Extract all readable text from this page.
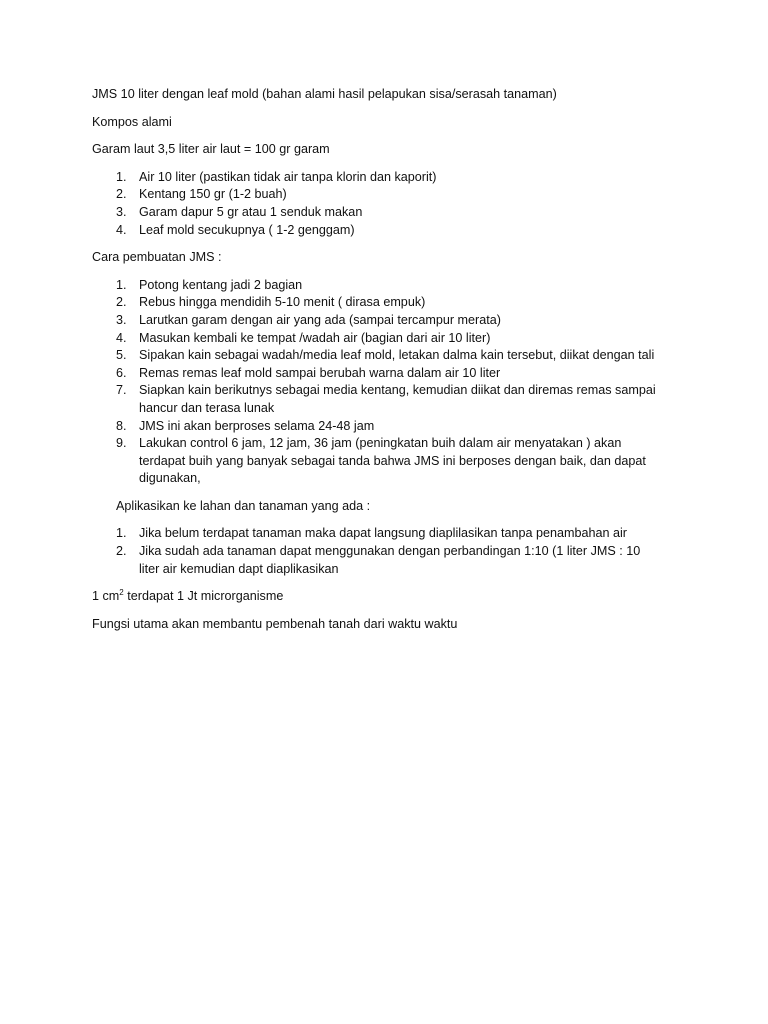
JMS 10 liter dengan leaf mold (bahan alami hasil pelapukan sisa/serasah tanaman)

Kompos alami

Garam laut 3,5 liter air laut = 100 gr garam

1. Air 10 liter (pastikan tidak air tanpa klorin dan kaporit)
2. Kentang 150 gr (1-2 buah)
3. Garam dapur 5 gr atau 1 senduk makan
4. Leaf mold secukupnya ( 1-2 genggam)

Cara pembuatan JMS :

1. Potong kentang jadi 2 bagian
2. Rebus hingga mendidih 5-10 menit ( dirasa empuk)
3. Larutkan garam dengan air yang ada (sampai tercampur merata)
4. Masukan kembali ke tempat /wadah air (bagian dari air 10 liter)
5. Sipakan kain sebagai wadah/media leaf mold, letakan dalma kain tersebut, diikat dengan tali
6. Remas remas leaf mold sampai berubah warna dalam air 10 liter
7. Siapkan kain berikutnys sebagai media kentang, kemudian diikat dan diremas remas sampai
hancur dan terasa lunak
8. JMS ini akan berproses selama 24-48 jam
9. Lakukan control 6 jam, 12 jam, 36 jam (peningkatan buih dalam air menyatakan ) akan
terdapat buih yang banyak sebagai tanda bahwa JMS ini berposes dengan baik, dan dapat
digunakan,

Aplikasikan ke lahan dan tanaman yang ada :

1. Jika belum terdapat tanaman maka dapat langsung diaplilasikan tanpa penambahan air
2. Jika sudah ada tanaman dapat menggunakan dengan perbandingan 1:10 (1 liter JMS : 10
liter air kemudian dapt diaplikasikan

1 $cm^2$ terdapat 1 Jt microrganisme

Fungsi utama akan membantu pembenah tanah dari waktu waktu
